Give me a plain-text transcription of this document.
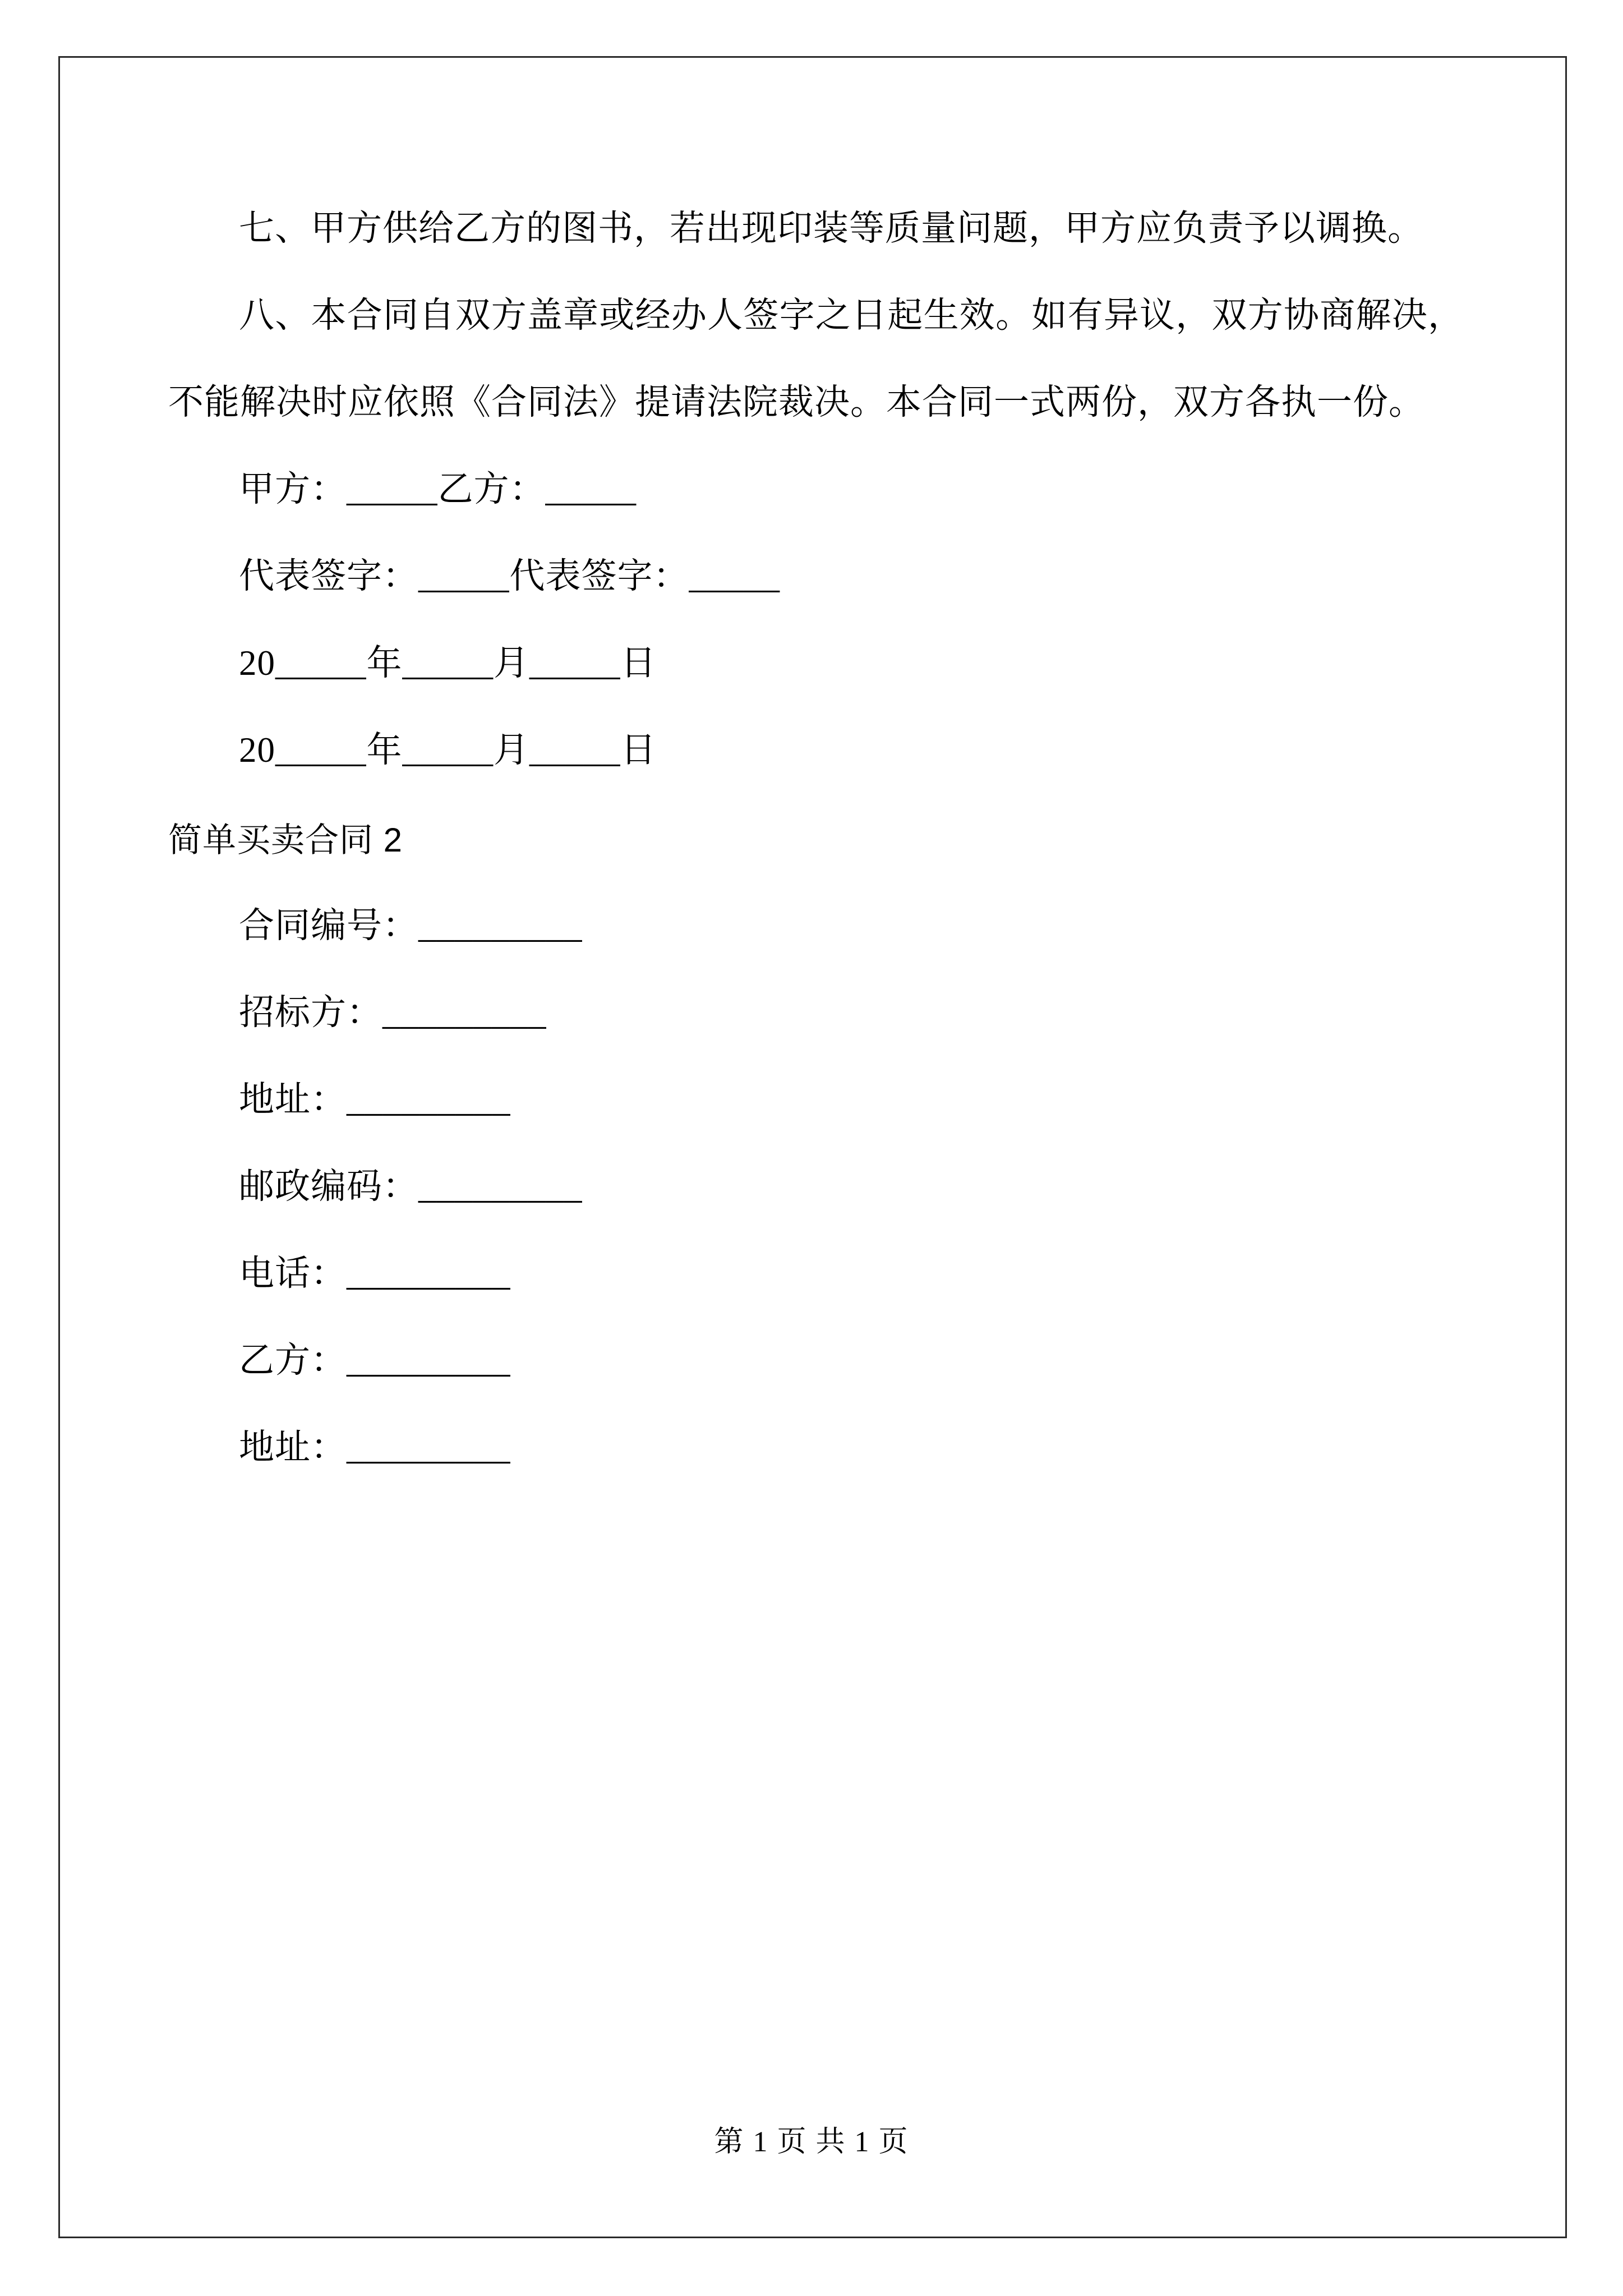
七、甲方供给乙方的图书，若出现印装等质量问题，甲方应负责予以调换。

八、本合同自双方盖章或经办人签字之日起生效。如有异议，双方协商解决，不能解决时应依照《合同法》提请法院裁决。本合同一式两份，双方各执一份。

甲方：_____乙方：_____

代表签字：_____代表签字：_____

20_____年_____月_____日

20_____年_____月_____日

简单买卖合同 2

合同编号：_________

招标方：_________

地址：_________

邮政编码：_________

电话：_________

乙方：_________

地址：_________

第 1 页 共 1 页
